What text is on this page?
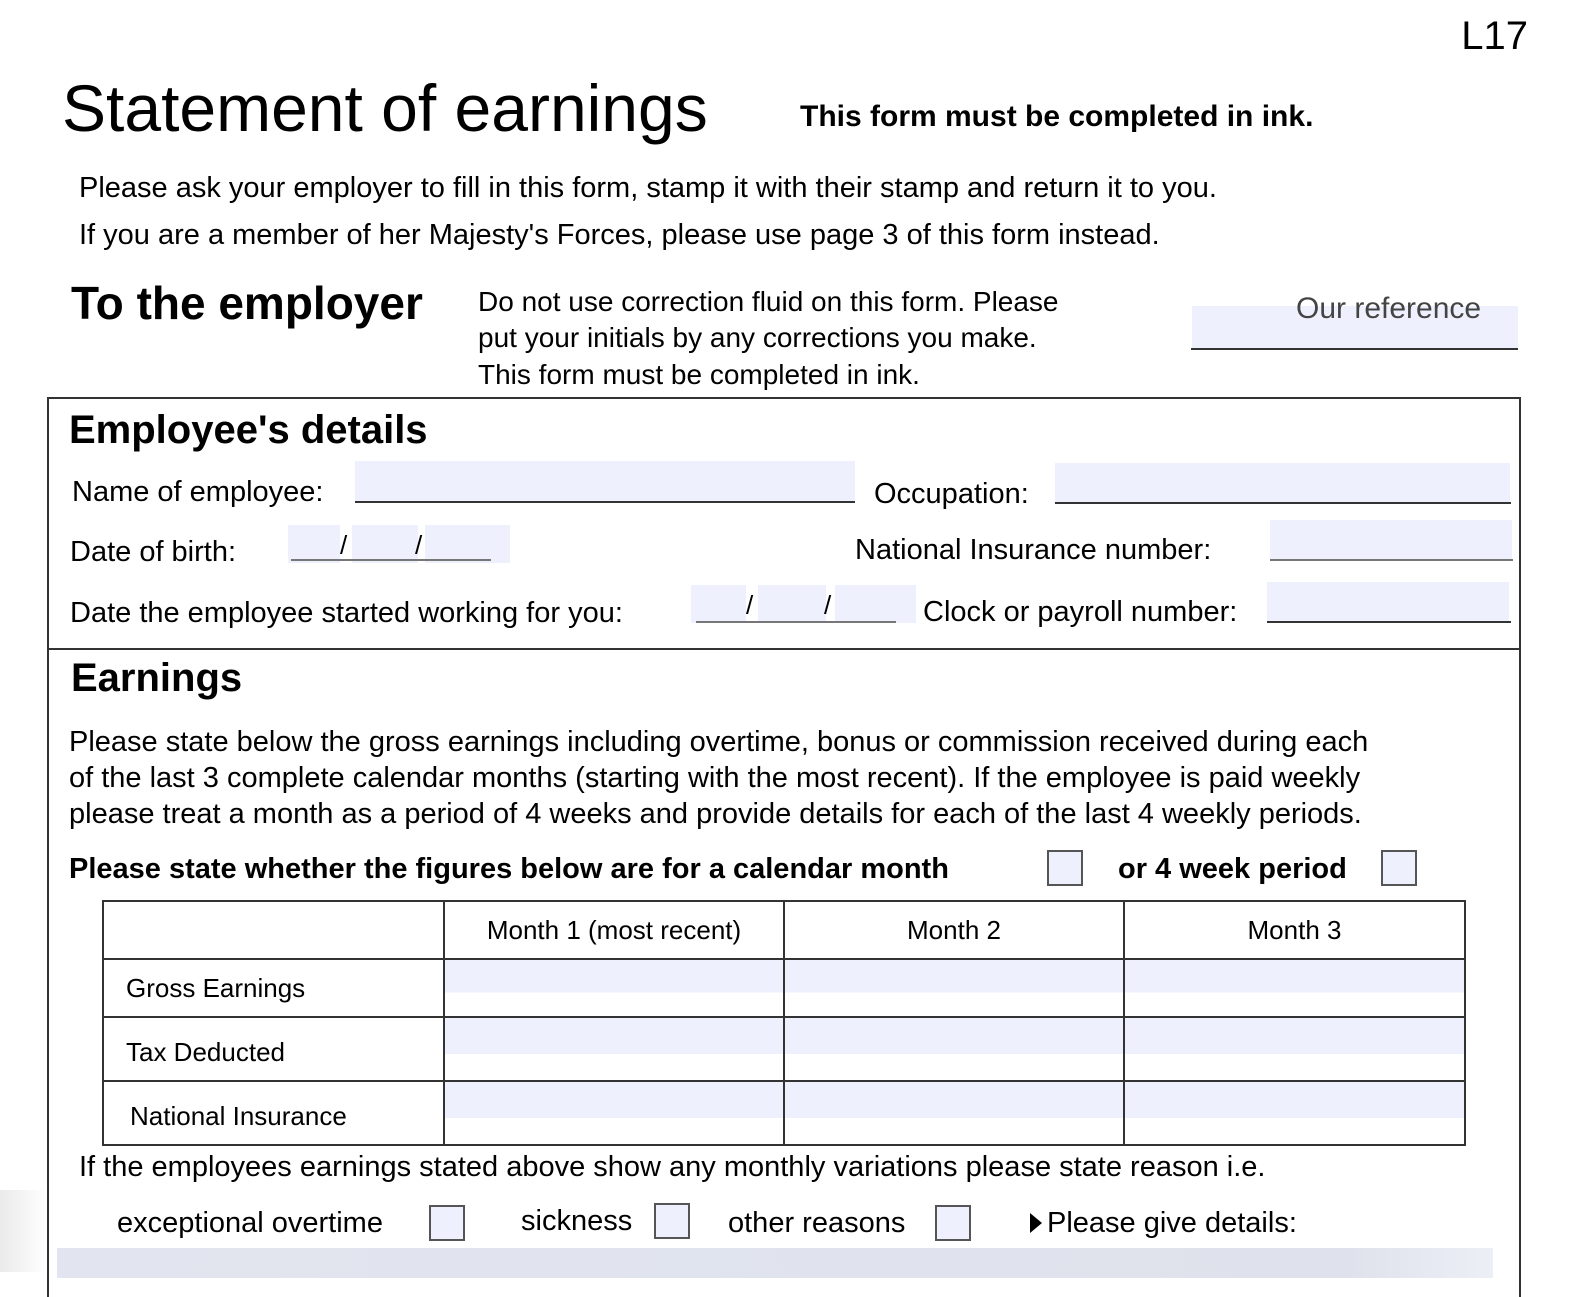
L17
Statement of earnings	This form must be completed in ink.
Please ask your employer to fill in this form, stamp it with their stamp and return it to you.
If you are a member of her Majesty's Forces, please use page 3 of this form instead.
To the employer Do not use correction fluid on this form. Please
put your initials by any corrections you make.
This form must be completed in ink.
Our reference
Employee's details
Name of employee:	Occupation:
Date of birth:	/	/	National Insurance number:
Date the employee started working for you:	/	/	Clock or payroll number:
Earnings
Please state below the gross earnings including overtime, bonus or commission received during each
of the last 3 complete calendar months (starting with the most recent). If the employee is paid weekly
please treat a month as a period of 4 weeks and provide details for each of the last 4 weekly periods.
Please state whether the figures below are for a calendar month	or 4 week period
	Month 1 (most recent)	Month 2	Month 3
Gross Earnings			
Tax Deducted			
National Insurance			
If the employees earnings stated above show any monthly variations please state reason i.e.
exceptional overtime	sickness	other reasons	Please give details:
